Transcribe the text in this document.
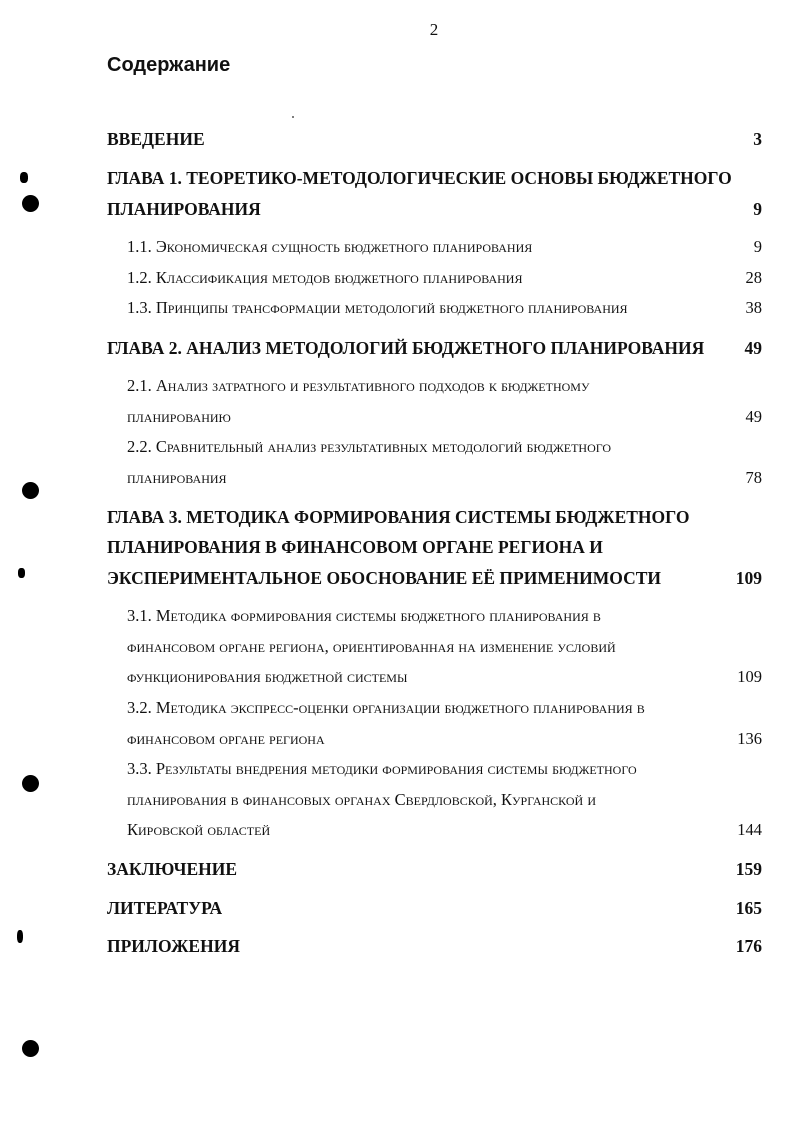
2
Содержание
ВВЕДЕНИЕ	3
ГЛАВА 1. ТЕОРЕТИКО-МЕТОДОЛОГИЧЕСКИЕ ОСНОВЫ БЮДЖЕТНОГО
ПЛАНИРОВАНИЯ	9
1.1. Экономическая сущность бюджетного планирования	9
1.2. Классификация методов бюджетного планирования	28
1.3. Принципы трансформации методологий бюджетного планирования	38
ГЛАВА 2. АНАЛИЗ МЕТОДОЛОГИЙ БЮДЖЕТНОГО ПЛАНИРОВАНИЯ 49
2.1. Анализ затратного и результативного подходов к бюджетному
планированию	49
2.2. Сравнительный анализ результативных методологий бюджетного
планирования	78
ГЛАВА 3. МЕТОДИКА ФОРМИРОВАНИЯ СИСТЕМЫ БЮДЖЕТНОГО
ПЛАНИРОВАНИЯ В ФИНАНСОВОМ ОРГАНЕ РЕГИОНА И
ЭКСПЕРИМЕНТАЛЬНОЕ ОБОСНОВАНИЕ ЕЁ ПРИМЕНИМОСТИ	109
3.1. Методика формирования системы бюджетного планирования в
финансовом органе региона, ориентированная на изменение условий
функционирования бюджетной системы	109
3.2. Методика экспресс-оценки организации бюджетного планирования в
финансовом органе региона	136
3.3. Результаты внедрения методики формирования системы бюджетного
планирования в финансовых органах Свердловской, Курганской и
Кировской областей	144
ЗАКЛЮЧЕНИЕ	159
ЛИТЕРАТУРА	165
ПРИЛОЖЕНИЯ	176
